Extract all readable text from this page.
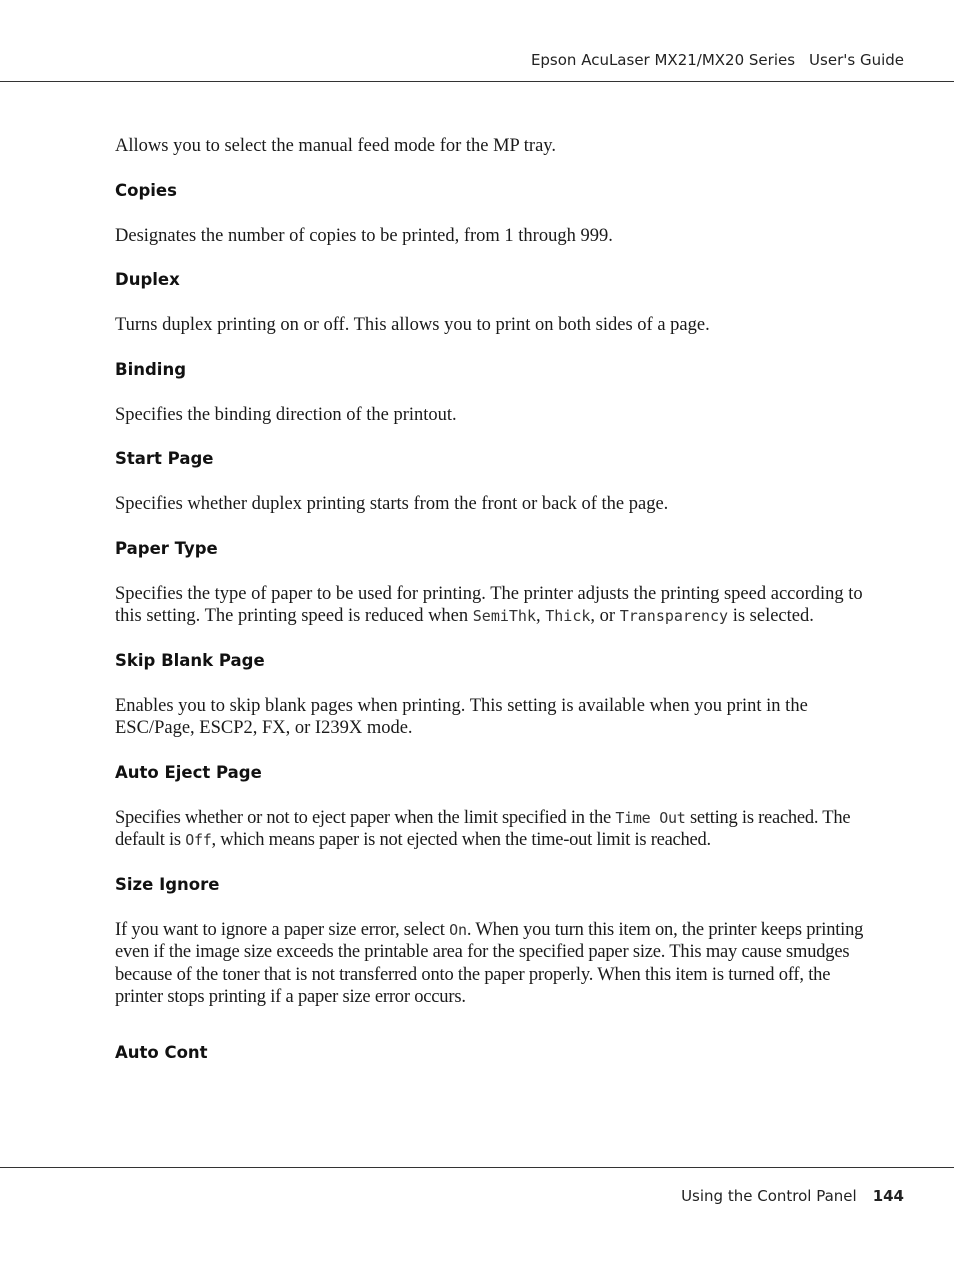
Epson AcuLaser MX21/MX20 Series User's Guide

Allows you to select the manual feed mode for the MP tray.

Copies

Designates the number of copies to be printed, from 1 through 999.

Duplex

Turns duplex printing on or off. This allows you to print on both sides of a page.

Binding

Specifies the binding direction of the printout.

Start Page

Specifies whether duplex printing starts from the front or back of the page.

Paper Type

Specifies the type of paper to be used for printing. The printer adjusts the printing speed according to this setting. The printing speed is reduced when SemiThk, Thick, or Transparency is selected.

Skip Blank Page

Enables you to skip blank pages when printing. This setting is available when you print in the ESC/Page, ESCP2, FX, or I239X mode.

Auto Eject Page

Specifies whether or not to eject paper when the limit specified in the Time Out setting is reached. The default is Off, which means paper is not ejected when the time-out limit is reached.

Size Ignore

If you want to ignore a paper size error, select On. When you turn this item on, the printer keeps printing even if the image size exceeds the printable area for the specified paper size. This may cause smudges because of the toner that is not transferred onto the paper properly. When this item is turned off, the printer stops printing if a paper size error occurs.

Auto Cont
Using the Control Panel 144
